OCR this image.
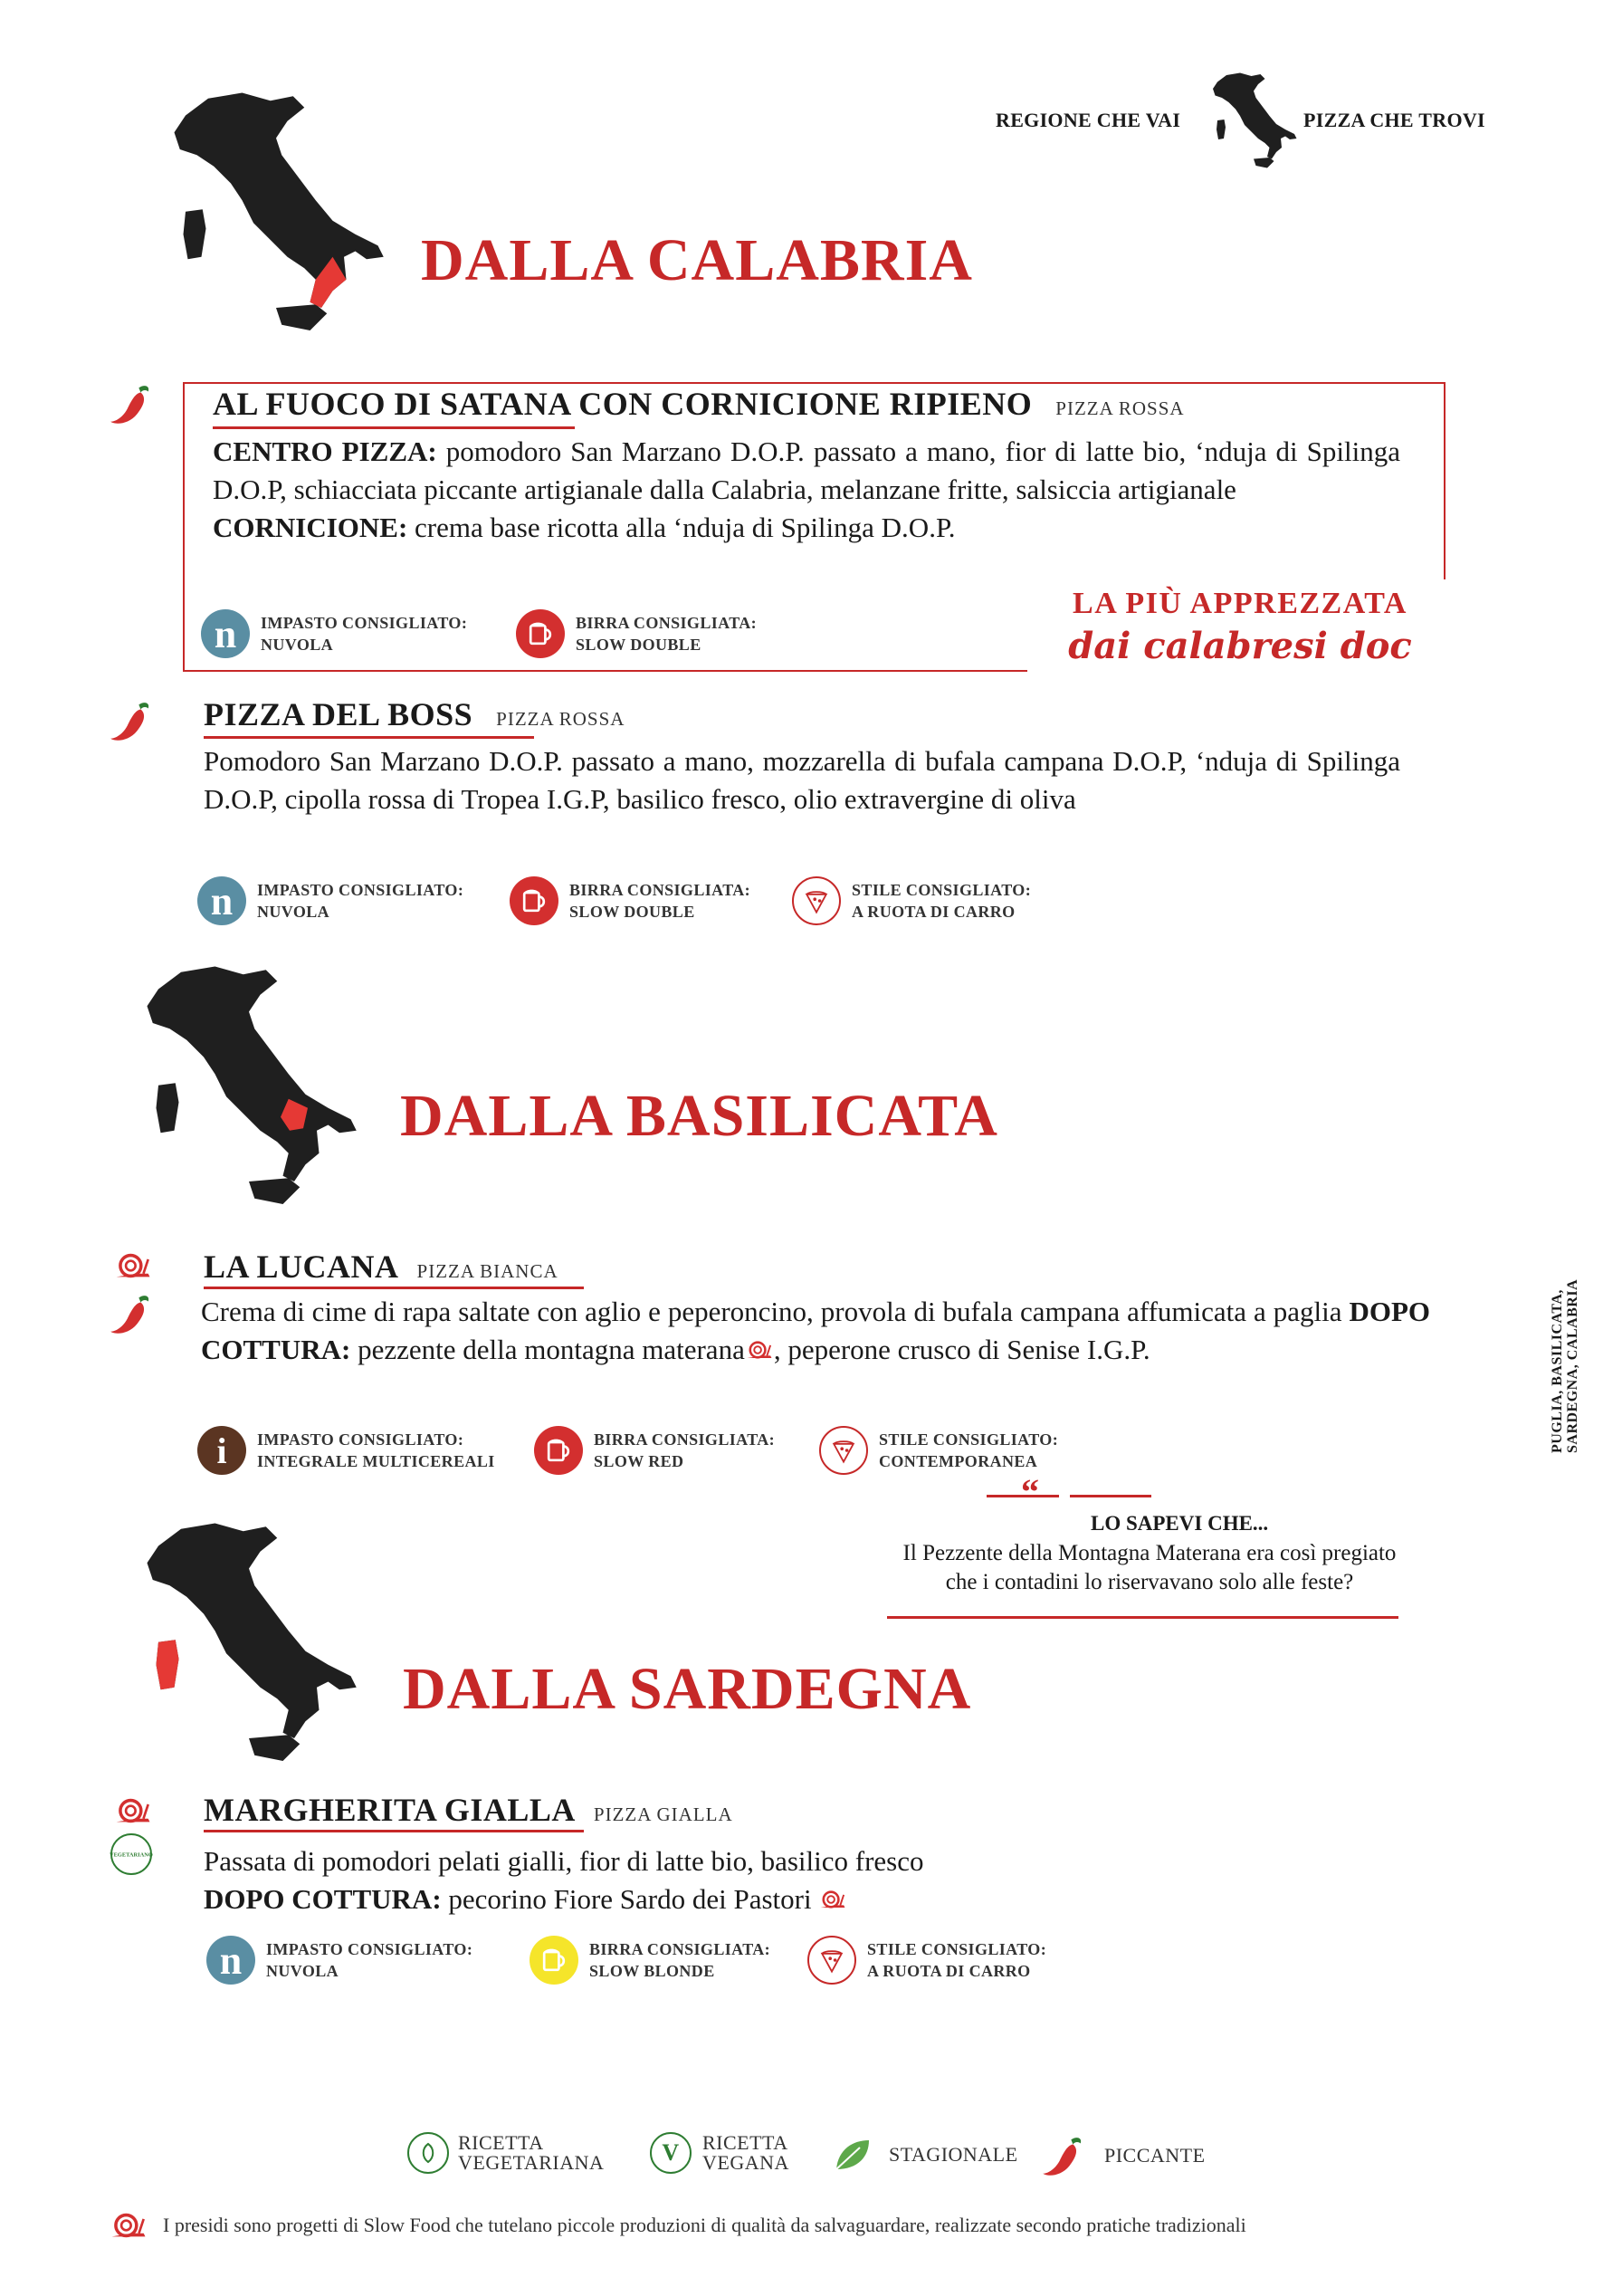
REGIONE CHE VAI	PIZZA CHE TROVI
PUGLIA, BASILICATA,
SARDEGNA, CALABRIA
DALLA CALABRIA
AL FUOCO DI SATANA CON CORNICIONE RIPIENO PIZZA ROSSA
CENTRO PIZZA: pomodoro San Marzano D.O.P. passato a mano, fior di latte bio, ‘nduja di Spilinga D.O.P, schiacciata piccante artigianale dalla Calabria, melanzane fritte, salsiccia artigianale
CORNICIONE: crema base ricotta alla ‘nduja di Spilinga D.O.P.
n	IMPASTO CONSIGLIATO:
NUVOLA
BIRRA CONSIGLIATA:
SLOW DOUBLE
LA PIÙ APPREZZATA
dai calabresi doc
PIZZA DEL BOSS PIZZA ROSSA
Pomodoro San Marzano D.O.P. passato a mano, mozzarella di bufala campana D.O.P, ‘nduja di Spilinga D.O.P, cipolla rossa di Tropea I.G.P, basilico fresco, olio extravergine di oliva
n	IMPASTO CONSIGLIATO:
NUVOLA
BIRRA CONSIGLIATA:
SLOW DOUBLE
STILE CONSIGLIATO:
A RUOTA DI CARRO
DALLA BASILICATA
LA LUCANA PIZZA BIANCA
Crema di cime di rapa saltate con aglio e peperoncino, provola di bufala campana affumicata a paglia DOPO COTTURA: pezzente della montagna materana , peperone crusco di Senise I.G.P.
i	IMPASTO CONSIGLIATO:
INTEGRALE MULTICEREALI
BIRRA CONSIGLIATA:
SLOW RED
STILE CONSIGLIATO:
CONTEMPORANEA
“
LO SAPEVI CHE...
Il Pezzente della Montagna Materana era così pregiato
che i contadini lo riservavano solo alle feste?
DALLA SARDEGNA
VEGETARIANO
MARGHERITA GIALLA PIZZA GIALLA
Passata di pomodori pelati gialli, fior di latte bio, basilico fresco
DOPO COTTURA: pecorino Fiore Sardo dei Pastori
n	IMPASTO CONSIGLIATO:
NUVOLA
BIRRA CONSIGLIATA:
SLOW BLONDE
STILE CONSIGLIATO:
A RUOTA DI CARRO
RICETTA
VEGETARIANA	V	RICETTA
VEGANA	STAGIONALE	PICCANTE
I presidi sono progetti di Slow Food che tutelano piccole produzioni di qualità da salvaguardare, realizzate secondo pratiche tradizionali
